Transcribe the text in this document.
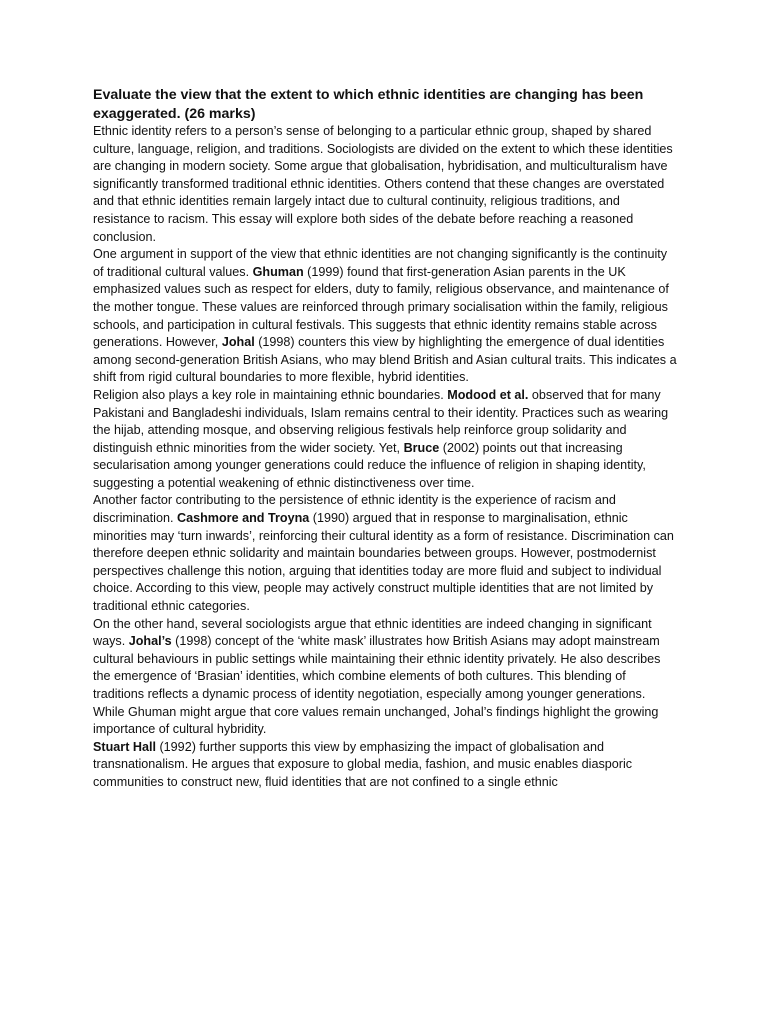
Evaluate the view that the extent to which ethnic identities are changing has been exaggerated. (26 marks)

Ethnic identity refers to a person’s sense of belonging to a particular ethnic group, shaped by shared culture, language, religion, and traditions. Sociologists are divided on the extent to which these identities are changing in modern society. Some argue that globalisation, hybridisation, and multiculturalism have significantly transformed traditional ethnic identities. Others contend that these changes are overstated and that ethnic identities remain largely intact due to cultural continuity, religious traditions, and resistance to racism. This essay will explore both sides of the debate before reaching a reasoned conclusion.

One argument in support of the view that ethnic identities are not changing significantly is the continuity of traditional cultural values. Ghuman (1999) found that first-generation Asian parents in the UK emphasized values such as respect for elders, duty to family, religious observance, and maintenance of the mother tongue. These values are reinforced through primary socialisation within the family, religious schools, and participation in cultural festivals. This suggests that ethnic identity remains stable across generations. However, Johal (1998) counters this view by highlighting the emergence of dual identities among second-generation British Asians, who may blend British and Asian cultural traits. This indicates a shift from rigid cultural boundaries to more flexible, hybrid identities.

Religion also plays a key role in maintaining ethnic boundaries. Modood et al. observed that for many Pakistani and Bangladeshi individuals, Islam remains central to their identity. Practices such as wearing the hijab, attending mosque, and observing religious festivals help reinforce group solidarity and distinguish ethnic minorities from the wider society. Yet, Bruce (2002) points out that increasing secularisation among younger generations could reduce the influence of religion in shaping identity, suggesting a potential weakening of ethnic distinctiveness over time.

Another factor contributing to the persistence of ethnic identity is the experience of racism and discrimination. Cashmore and Troyna (1990) argued that in response to marginalisation, ethnic minorities may ‘turn inwards’, reinforcing their cultural identity as a form of resistance. Discrimination can therefore deepen ethnic solidarity and maintain boundaries between groups. However, postmodernist perspectives challenge this notion, arguing that identities today are more fluid and subject to individual choice. According to this view, people may actively construct multiple identities that are not limited by traditional ethnic categories.

On the other hand, several sociologists argue that ethnic identities are indeed changing in significant ways. Johal’s (1998) concept of the ‘white mask’ illustrates how British Asians may adopt mainstream cultural behaviours in public settings while maintaining their ethnic identity privately. He also describes the emergence of ‘Brasian’ identities, which combine elements of both cultures. This blending of traditions reflects a dynamic process of identity negotiation, especially among younger generations. While Ghuman might argue that core values remain unchanged, Johal’s findings highlight the growing importance of cultural hybridity.

Stuart Hall (1992) further supports this view by emphasizing the impact of globalisation and transnationalism. He argues that exposure to global media, fashion, and music enables diasporic communities to construct new, fluid identities that are not confined to a single ethnic
